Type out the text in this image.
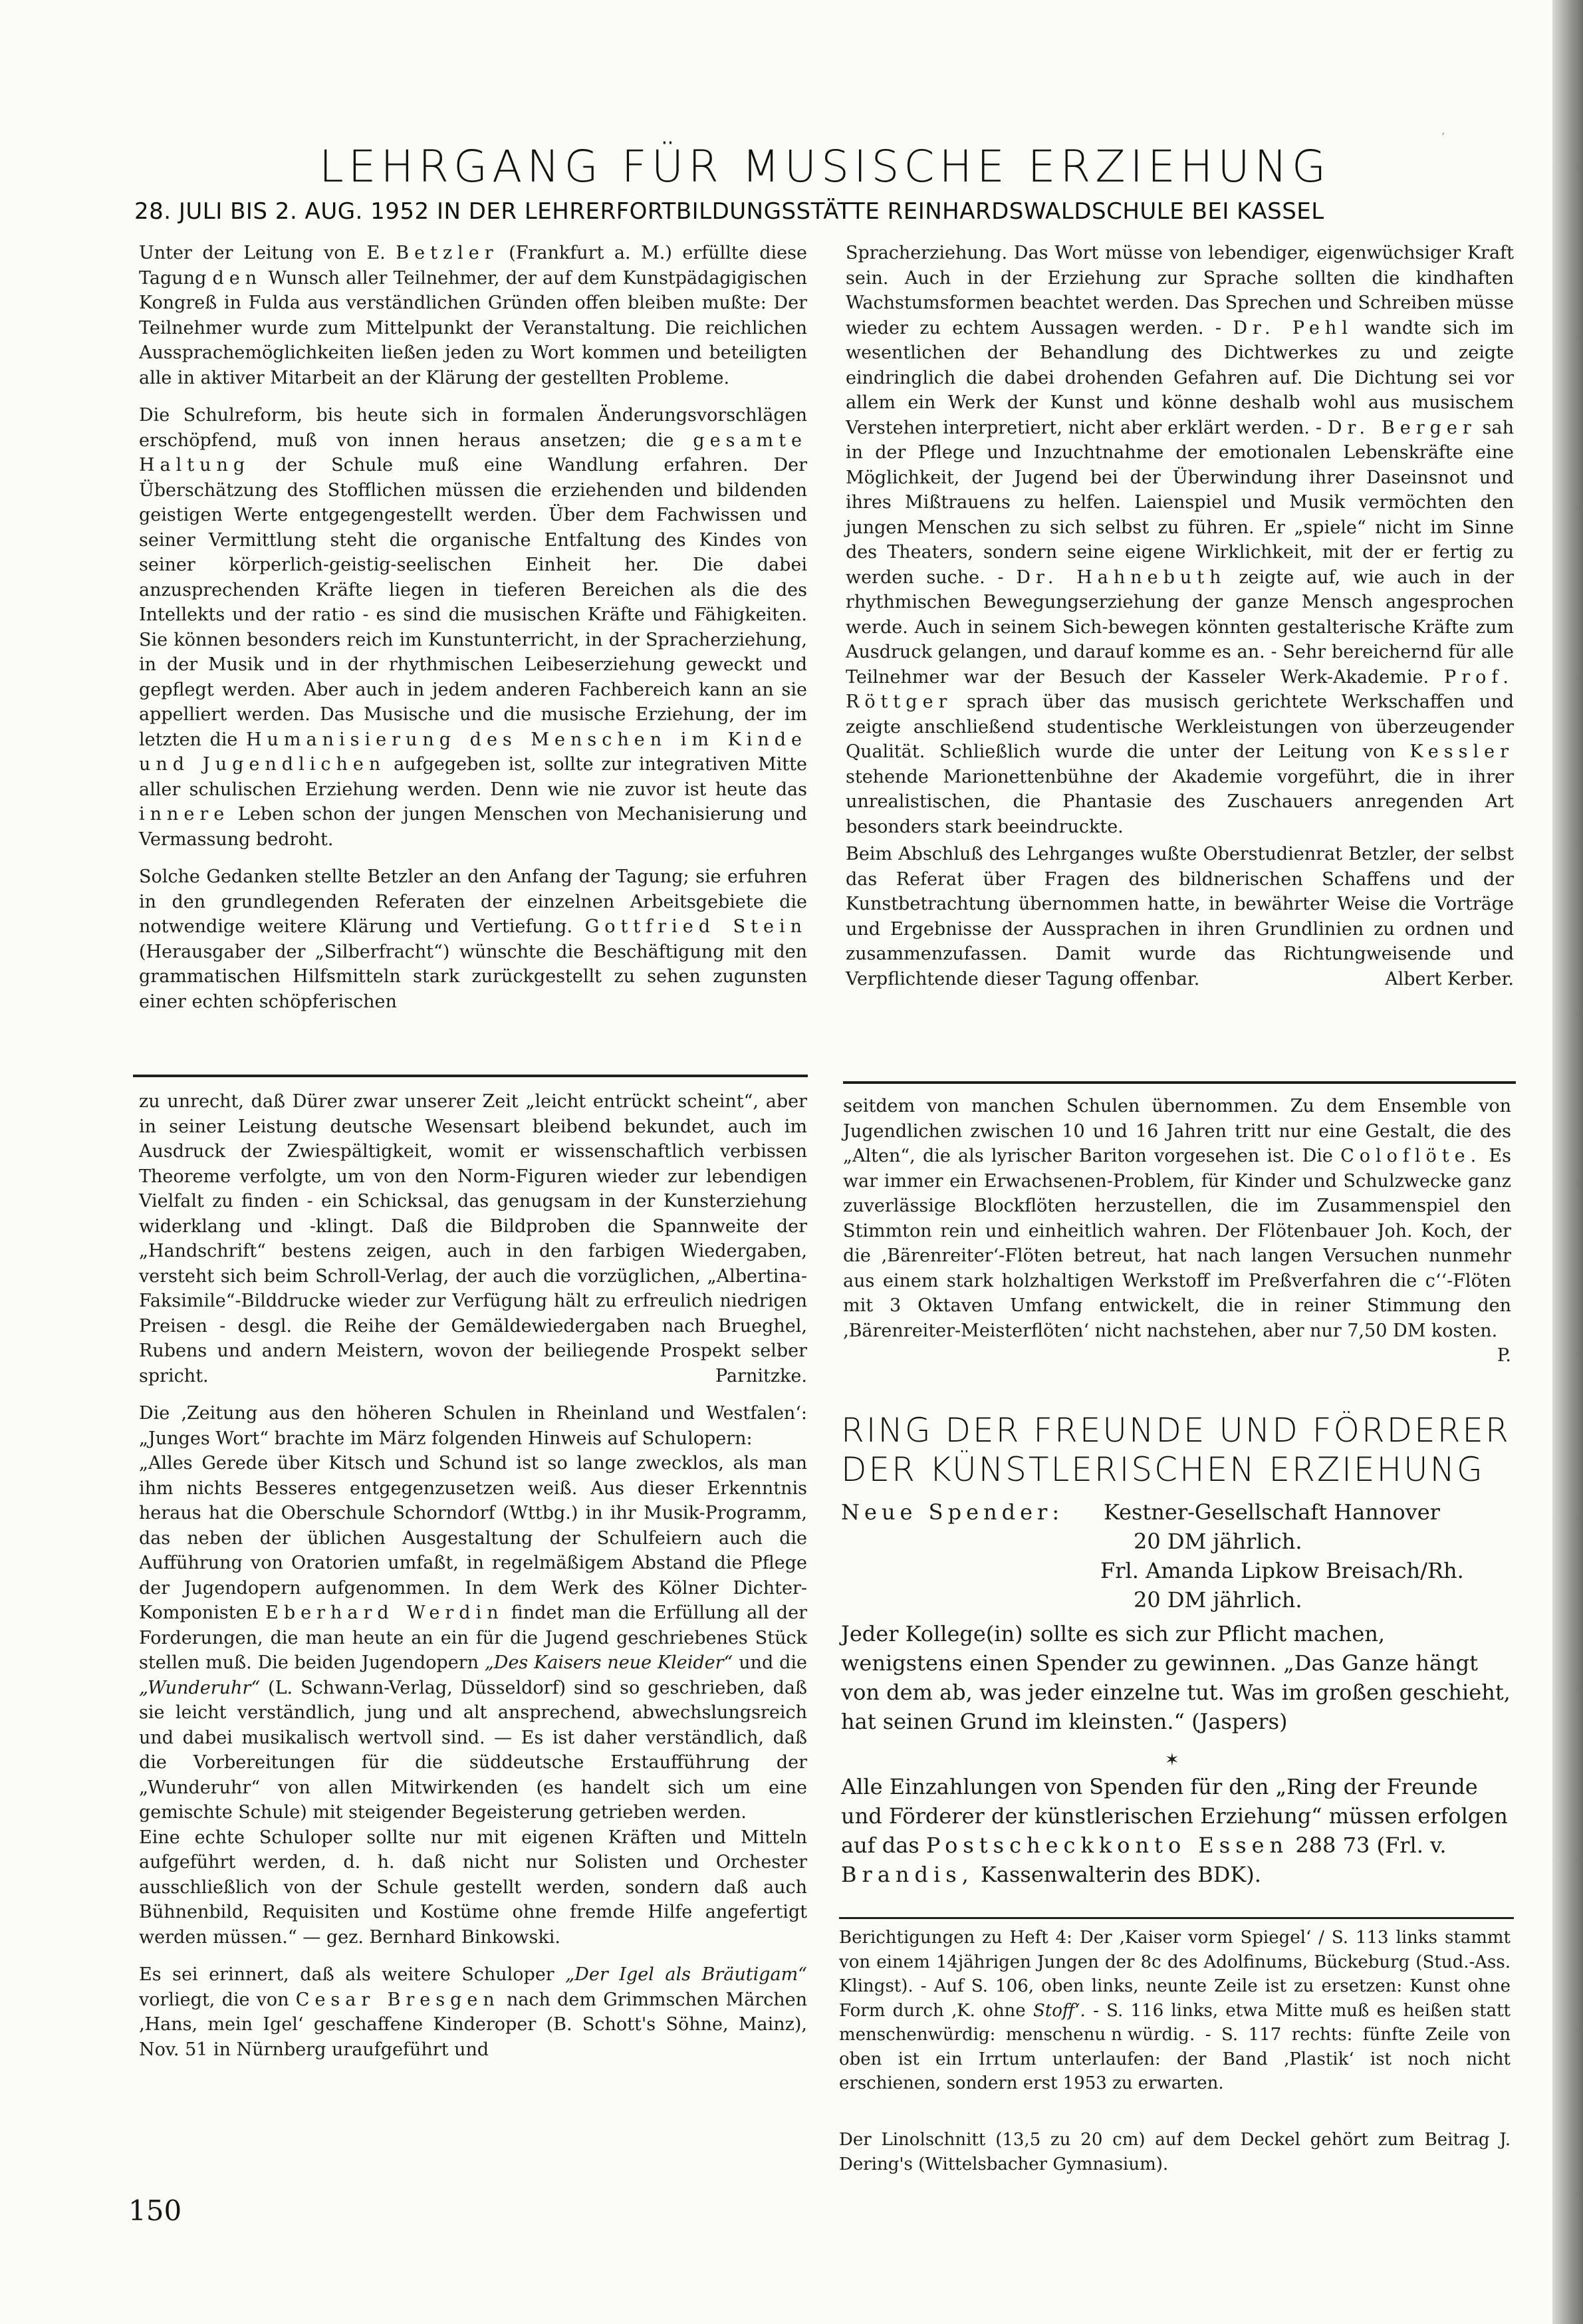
’
LEHRGANG FÜR MUSISCHE ERZIEHUNG
28. JULI BIS 2. AUG. 1952 IN DER LEHRERFORTBILDUNGSSTÄTTE REINHARDSWALDSCHULE BEI KASSEL

Unter der Leitung von E. Betzler (Frankfurt a. M.) erfüllte diese Tagung den Wunsch aller Teilnehmer, der auf dem Kunstpädagigischen Kongreß in Fulda aus verständlichen Gründen offen bleiben mußte: Der Teilnehmer wurde zum Mittelpunkt der Veranstaltung. Die reichlichen Aussprachemöglichkeiten ließen jeden zu Wort kommen und beteiligten alle in aktiver Mitarbeit an der Klärung der gestellten Probleme.

Die Schulreform, bis heute sich in formalen Änderungsvorschlägen erschöpfend, muß von innen heraus ansetzen; die gesamte Haltung der Schule muß eine Wandlung erfahren. Der Überschätzung des Stofflichen müssen die erziehenden und bildenden geistigen Werte entgegengestellt werden. Über dem Fachwissen und seiner Vermittlung steht die organische Entfaltung des Kindes von seiner körperlich-geistig-seelischen Einheit her. Die dabei anzusprechenden Kräfte liegen in tieferen Bereichen als die des Intellekts und der ratio - es sind die musischen Kräfte und Fähigkeiten. Sie können besonders reich im Kunstunterricht, in der Spracherziehung, in der Musik und in der rhythmischen Leibeserziehung geweckt und gepflegt werden. Aber auch in jedem anderen Fachbereich kann an sie appelliert werden. Das Musische und die musische Erziehung, der im letzten die Humanisierung des Menschen im Kinde und Jugendlichen aufgegeben ist, sollte zur integrativen Mitte aller schulischen Erziehung werden. Denn wie nie zuvor ist heute das innere Leben schon der jungen Menschen von Mechanisierung und Vermassung bedroht.

Solche Gedanken stellte Betzler an den Anfang der Tagung; sie erfuhren in den grundlegenden Referaten der einzelnen Arbeitsgebiete die notwendige weitere Klärung und Vertiefung. Gottfried Stein (Herausgaber der „Silberfracht“) wünschte die Beschäftigung mit den grammatischen Hilfsmitteln stark zurückgestellt zu sehen zugunsten einer echten schöpferischen

Spracherziehung. Das Wort müsse von lebendiger, eigenwüchsiger Kraft sein. Auch in der Erziehung zur Sprache sollten die kindhaften Wachstumsformen beachtet werden. Das Sprechen und Schreiben müsse wieder zu echtem Aussagen werden. - Dr. Pehl wandte sich im wesentlichen der Behandlung des Dichtwerkes zu und zeigte eindringlich die dabei drohenden Gefahren auf. Die Dichtung sei vor allem ein Werk der Kunst und könne deshalb wohl aus musischem Verstehen interpretiert, nicht aber erklärt werden. - Dr. Berger sah in der Pflege und Inzuchtnahme der emotionalen Lebenskräfte eine Möglichkeit, der Jugend bei der Überwindung ihrer Daseinsnot und ihres Mißtrauens zu helfen. Laienspiel und Musik vermöchten den jungen Menschen zu sich selbst zu führen. Er „spiele“ nicht im Sinne des Theaters, sondern seine eigene Wirklichkeit, mit der er fertig zu werden suche. - Dr. Hahnebuth zeigte auf, wie auch in der rhythmischen Bewegungserziehung der ganze Mensch angesprochen werde. Auch in seinem Sich-bewegen könnten gestalterische Kräfte zum Ausdruck gelangen, und darauf komme es an. - Sehr bereichernd für alle Teilnehmer war der Besuch der Kasseler Werk-Akademie. Prof. Röttger sprach über das musisch gerichtete Werkschaffen und zeigte anschließend studentische Werkleistungen von überzeugender Qualität. Schließlich wurde die unter der Leitung von Kessler stehende Marionettenbühne der Akademie vorgeführt, die in ihrer unrealistischen, die Phantasie des Zuschauers anregenden Art besonders stark beeindruckte.

Beim Abschluß des Lehrganges wußte Oberstudienrat Betzler, der selbst das Referat über Fragen des bildnerischen Schaffens und der Kunstbetrachtung übernommen hatte, in bewährter Weise die Vorträge und Ergebnisse der Aussprachen in ihren Grundlinien zu ordnen und zusammenzufassen. Damit wurde das Richtungweisende und Verpflichtende dieser Tagung offenbar.	Albert Kerber.

zu unrecht, daß Dürer zwar unserer Zeit „leicht entrückt scheint“, aber in seiner Leistung deutsche Wesensart bleibend bekundet, auch im Ausdruck der Zwiespältigkeit, womit er wissenschaftlich verbissen Theoreme verfolgte, um von den Norm-Figuren wieder zur lebendigen Vielfalt zu finden - ein Schicksal, das genugsam in der Kunsterziehung widerklang und -klingt. Daß die Bildproben die Spannweite der „Handschrift“ bestens zeigen, auch in den farbigen Wiedergaben, versteht sich beim Schroll-Verlag, der auch die vorzüglichen, „Albertina-Faksimile“-Bilddrucke wieder zur Verfügung hält zu erfreulich niedrigen Preisen - desgl. die Reihe der Gemäldewiedergaben nach Brueghel, Rubens und andern Meistern, wovon der beiliegende Prospekt selber spricht.	Parnitzke.

Die ‚Zeitung aus den höheren Schulen in Rheinland und Westfalen‘: „Junges Wort“ brachte im März folgenden Hinweis auf Schulopern:

„Alles Gerede über Kitsch und Schund ist so lange zwecklos, als man ihm nichts Besseres entgegenzusetzen weiß. Aus dieser Erkenntnis heraus hat die Oberschule Schorndorf (Wttbg.) in ihr Musik-Programm, das neben der üblichen Ausgestaltung der Schulfeiern auch die Aufführung von Oratorien umfaßt, in regelmäßigem Abstand die Pflege der Jugendopern aufgenommen. In dem Werk des Kölner Dichter-Komponisten Eberhard Werdin findet man die Erfüllung all der Forderungen, die man heute an ein für die Jugend geschriebenes Stück stellen muß. Die beiden Jugendopern „Des Kaisers neue Kleider“ und die „Wunderuhr“ (L. Schwann-Verlag, Düsseldorf) sind so geschrieben, daß sie leicht verständlich, jung und alt ansprechend, abwechslungsreich und dabei musikalisch wertvoll sind. — Es ist daher verständlich, daß die Vorbereitungen für die süddeutsche Erstaufführung der „Wunderuhr“ von allen Mitwirkenden (es handelt sich um eine gemischte Schule) mit steigender Begeisterung getrieben werden.

Eine echte Schuloper sollte nur mit eigenen Kräften und Mitteln aufgeführt werden, d. h. daß nicht nur Solisten und Orchester ausschließlich von der Schule gestellt werden, sondern daß auch Bühnenbild, Requisiten und Kostüme ohne fremde Hilfe angefertigt werden müssen.“ — gez. Bernhard Binkowski.

Es sei erinnert, daß als weitere Schuloper „Der Igel als Bräutigam“ vorliegt, die von Cesar Bresgen nach dem Grimmschen Märchen ‚Hans, mein Igel‘ geschaffene Kinderoper (B. Schott's Söhne, Mainz), Nov. 51 in Nürnberg uraufgeführt und

seitdem von manchen Schulen übernommen. Zu dem Ensemble von Jugendlichen zwischen 10 und 16 Jahren tritt nur eine Gestalt, die des „Alten“, die als lyrischer Bariton vorgesehen ist. Die Coloflöte. Es war immer ein Erwachsenen-Problem, für Kinder und Schulzwecke ganz zuverlässige Blockflöten herzustellen, die im Zusammenspiel den Stimmton rein und einheitlich wahren. Der Flötenbauer Joh. Koch, der die ‚Bärenreiter‘-Flöten betreut, hat nach langen Versuchen nunmehr aus einem stark holzhaltigen Werkstoff im Preßverfahren die c‘‘-Flöten mit 3 Oktaven Umfang entwickelt, die in reiner Stimmung den ‚Bärenreiter-Meisterflöten‘ nicht nachstehen, aber nur 7,50 DM kosten.
P.

RING DER FREUNDE UND FÖRDERER
DER KÜNSTLERISCHEN ERZIEHUNG
Neue Spender: Kestner-Gesellschaft Hannover
20 DM jährlich.
Frl. Amanda Lipkow Breisach/Rh.
20 DM jährlich.
Jeder Kollege(in) sollte es sich zur Pflicht machen, wenigstens einen Spender zu gewinnen. „Das Ganze hängt von dem ab, was jeder einzelne tut. Was im großen geschieht, hat seinen Grund im kleinsten.“ (Jaspers)
✶
Alle Einzahlungen von Spenden für den „Ring der Freunde und Förderer der künstlerischen Erziehung“ müssen erfolgen auf das Postscheckkonto Essen 288 73 (Frl. v. Brandis, Kassenwalterin des BDK).
Berichtigungen zu Heft 4: Der ‚Kaiser vorm Spiegel‘ / S. 113 links stammt von einem 14jährigen Jungen der 8c des Adolfinums, Bückeburg (Stud.-Ass. Klingst). - Auf S. 106, oben links, neunte Zeile ist zu ersetzen: Kunst ohne Form durch ‚K. ohne Stoff‘. - S. 116 links, etwa Mitte muß es heißen statt menschenwürdig: menschenunwürdig. - S. 117 rechts: fünfte Zeile von oben ist ein Irrtum unterlaufen: der Band ‚Plastik‘ ist noch nicht erschienen, sondern erst 1953 zu erwarten.
Der Linolschnitt (13,5 zu 20 cm) auf dem Deckel gehört zum Beitrag J. Dering's (Wittelsbacher Gymnasium).
150
